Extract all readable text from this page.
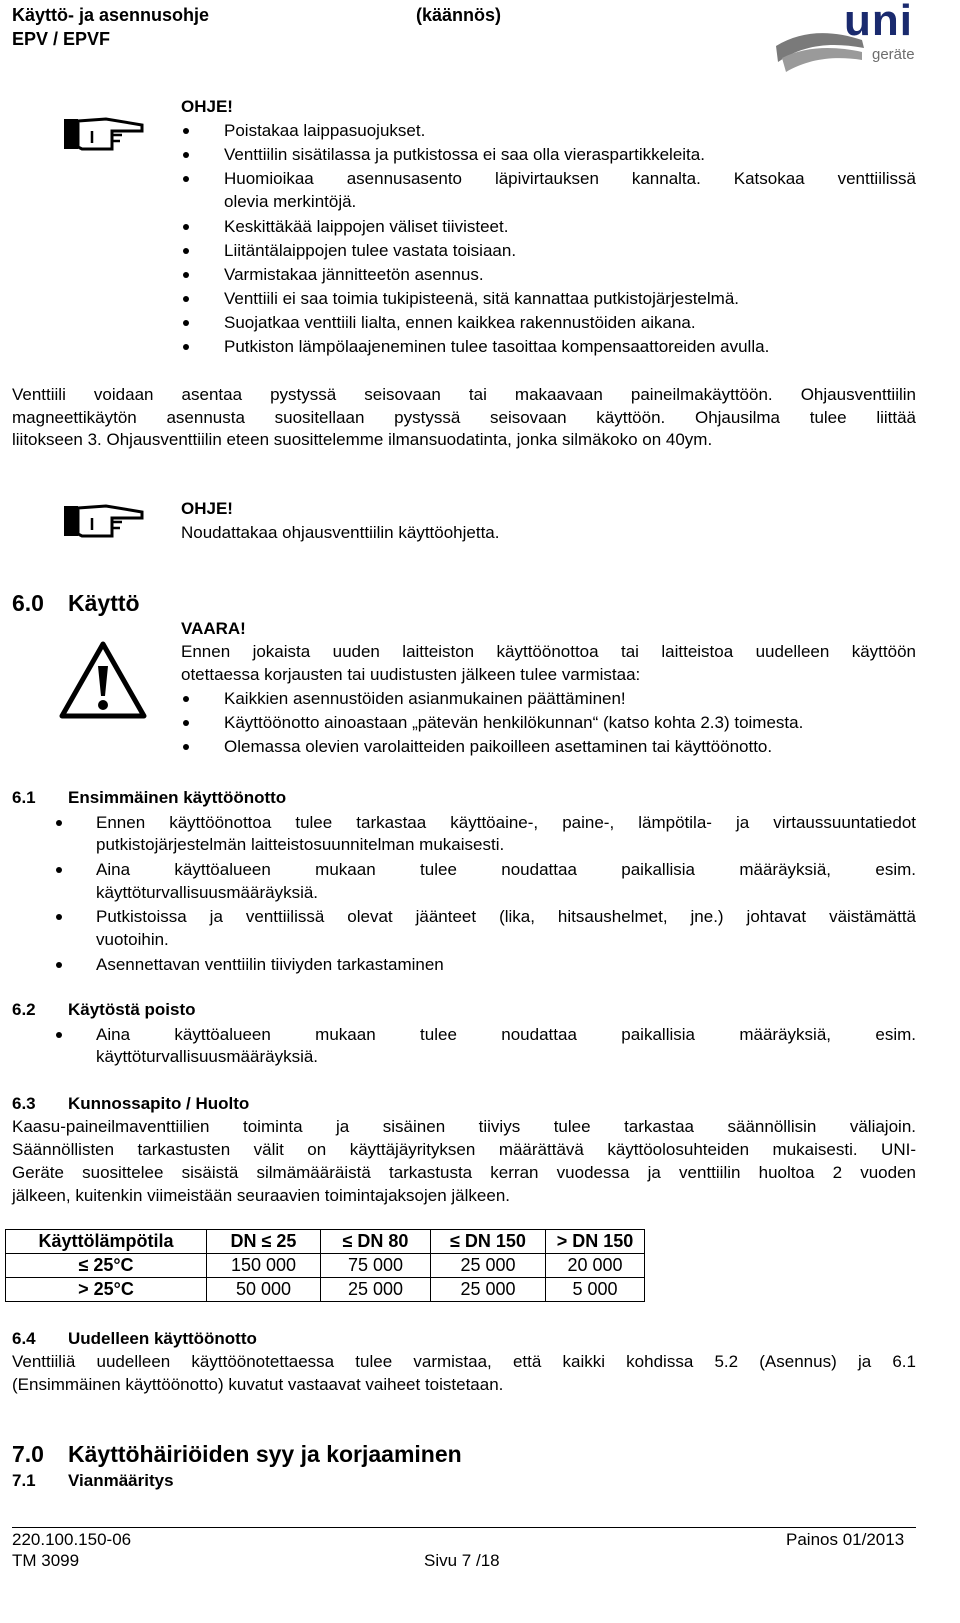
Käyttö- ja asennusohje
EPV / EPVF
(käännös)	uni
geräte
OHJE!
Poistakaa laippasuojukset.
Venttiilin sisätilassa ja putkistossa ei saa olla vieraspartikkeleita.
Huomioikaa asennusasento läpivirtauksen kannalta. Katsokaa venttiilissä
olevia merkintöjä.
Keskittäkää laippojen väliset tiivisteet.
Liitäntälaippojen tulee vastata toisiaan.
Varmistakaa jännitteetön asennus.
Venttiili ei saa toimia tukipisteenä, sitä kannattaa putkistojärjestelmä.
Suojatkaa venttiili lialta, ennen kaikkea rakennustöiden aikana.
Putkiston lämpölaajeneminen tulee tasoittaa kompensaattoreiden avulla.
Venttiili voidaan asentaa pystyssä seisovaan tai makaavaan paineilmakäyttöön. Ohjausventtiilin
magneettikäytön asennusta suositellaan pystyssä seisovaan käyttöön. Ohjausilma tulee liittää
liitokseen 3. Ohjausventtiilin eteen suosittelemme ilmansuodatinta, jonka silmäkoko on 40ym.
OHJE!
Noudattakaa ohjausventtiilin käyttöohjetta.
6.0 Käyttö
VAARA!
Ennen jokaista uuden laitteiston käyttöönottoa tai laitteistoa uudelleen käyttöön
otettaessa korjausten tai uudistusten jälkeen tulee varmistaa:
Kaikkien asennustöiden asianmukainen päättäminen!
Käyttöönotto ainoastaan „pätevän henkilökunnan“ (katso kohta 2.3) toimesta.
Olemassa olevien varolaitteiden paikoilleen asettaminen tai käyttöönotto.
6.1 Ensimmäinen käyttöönotto
Ennen käyttöönottoa tulee tarkastaa käyttöaine-, paine-, lämpötila- ja virtaussuuntatiedot
putkistojärjestelmän laitteistosuunnitelman mukaisesti.
Aina käyttöalueen mukaan tulee noudattaa paikallisia määräyksiä, esim.
käyttöturvallisuusmääräyksiä.
Putkistoissa ja venttiilissä olevat jäänteet (lika, hitsaushelmet, jne.) johtavat väistämättä
vuotoihin.
Asennettavan venttiilin tiiviyden tarkastaminen
6.2 Käytöstä poisto
Aina käyttöalueen mukaan tulee noudattaa paikallisia määräyksiä, esim.
käyttöturvallisuusmääräyksiä.
6.3 Kunnossapito / Huolto
Kaasu-paineilmaventtiilien toiminta ja sisäinen tiiviys tulee tarkastaa säännöllisin väliajoin.
Säännöllisten tarkastusten välit on käyttäjäyrityksen määrättävä käyttöolosuhteiden mukaisesti. UNI-
Geräte suosittelee sisäistä silmämääräistä tarkastusta kerran vuodessa ja venttiilin huoltoa 2 vuoden
jälkeen, kuitenkin viimeistään seuraavien toimintajaksojen jälkeen.
Käyttölämpötila	DN ≤ 25	≤ DN 80	≤ DN 150	> DN 150
≤ 25°C	150 000	75 000	25 000	20 000
> 25°C	50 000	25 000	25 000	5 000
6.4 Uudelleen käyttöönotto
Venttiiliä uudelleen käyttöönotettaessa tulee varmistaa, että kaikki kohdissa 5.2 (Asennus) ja 6.1
(Ensimmäinen käyttöönotto) kuvatut vastaavat vaiheet toistetaan.
7.0 Käyttöhäiriöiden syy ja korjaaminen
7.1 Vianmääritys
220.100.150-06
TM 3099	Sivu 7 /18
Painos 01/2013
